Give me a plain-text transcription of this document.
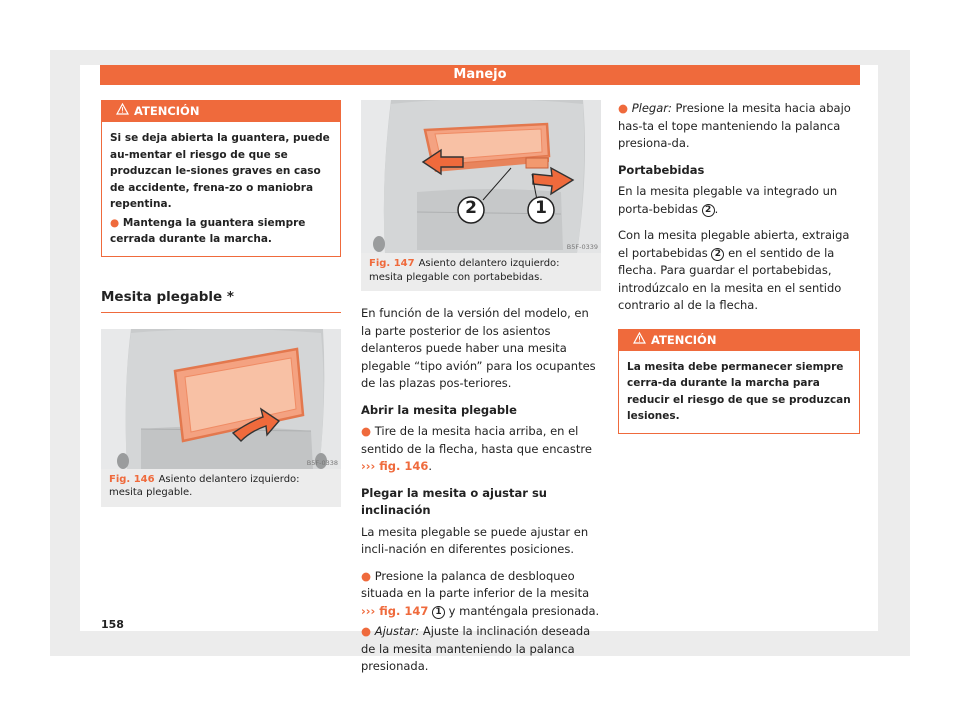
Manejo
ATENCIÓN

Si se deja abierta la guantera, puede au-mentar el riesgo de que se produzcan le-siones graves en caso de accidente, frena-zo o maniobra repentina.

● Mantenga la guantera siempre cerrada durante la marcha.

Mesita plegable *
B5F-0338
Fig. 146 Asiento delantero izquierdo: mesita plegable.
2	1
B5F-0339
Fig. 147 Asiento delantero izquierdo: mesita plegable con portabebidas.

En función de la versión del modelo, en la parte posterior de los asientos delanteros puede haber una mesita plegable “tipo avión” para los ocupantes de las plazas pos-teriores.

Abrir la mesita plegable

● Tire de la mesita hacia arriba, en el sentido de la flecha, hasta que encastre ››› fig. 146.

Plegar la mesita o ajustar su inclinación

La mesita plegable se puede ajustar en incli-nación en diferentes posiciones.

● Presione la palanca de desbloqueo situada en la parte inferior de la mesita ››› fig. 147 1 y manténgala presionada.

● Ajustar: Ajuste la inclinación deseada de la mesita manteniendo la palanca presionada.

● Plegar: Presione la mesita hacia abajo has-ta el tope manteniendo la palanca presiona-da.

Portabebidas

En la mesita plegable va integrado un porta-bebidas 2 .

Con la mesita plegable abierta, extraiga el portabebidas 2 en el sentido de la flecha. Para guardar el portabebidas, introdúzcalo en la mesita en el sentido contrario al de la flecha.

ATENCIÓN

La mesita debe permanecer siempre cerra-da durante la marcha para reducir el riesgo de que se produzcan lesiones.

158
